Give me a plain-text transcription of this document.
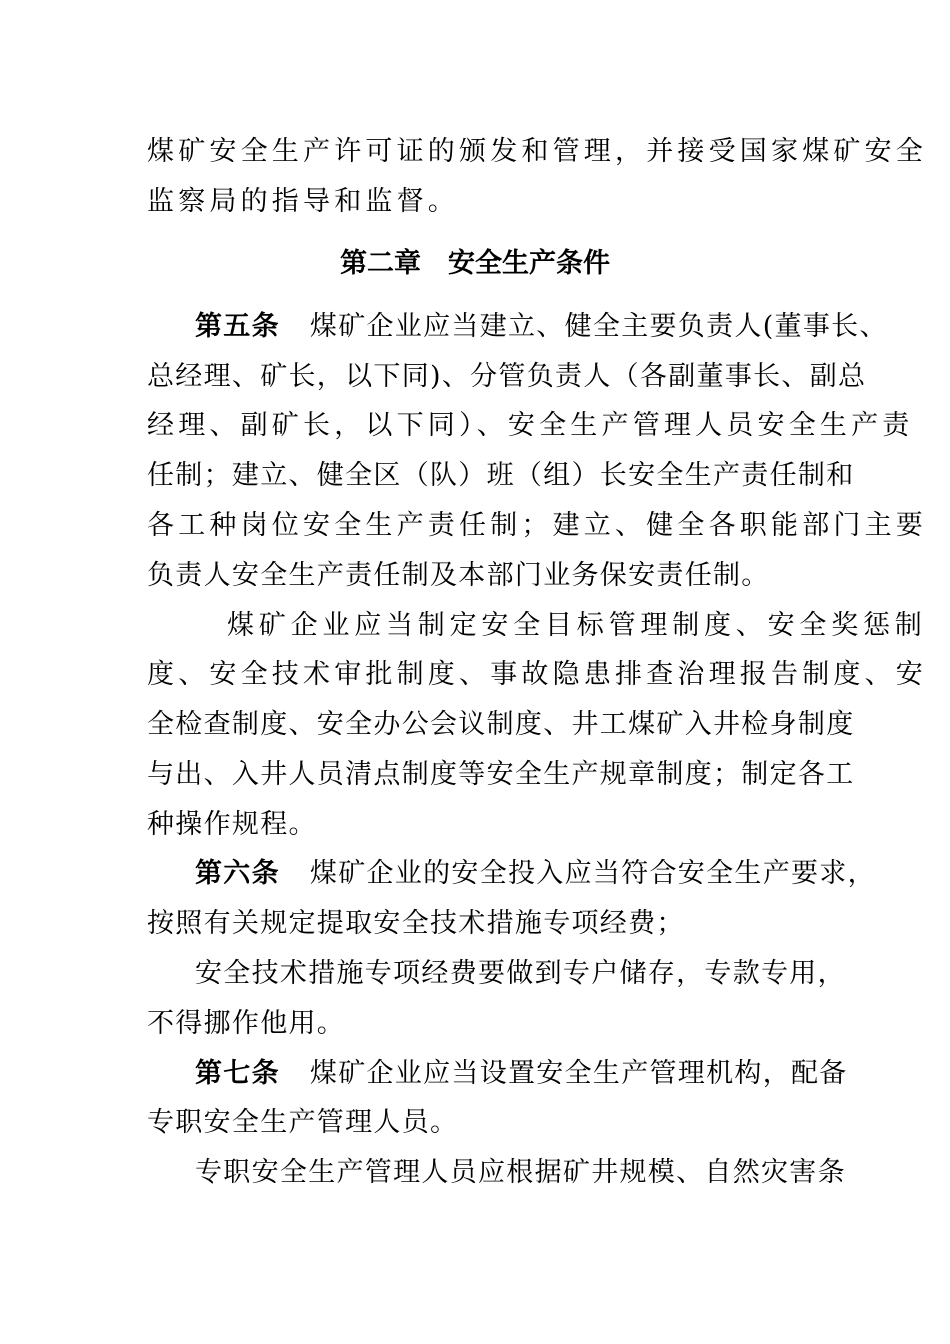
煤矿安全生产许可证的颁发和管理，并接受国家煤矿安全
监察局的指导和监督。
第二章　安全生产条件
第五条 煤矿企业应当建立、健全主要负责人(董事长、
总经理、矿长，以下同)、分管负责人（各副董事长、副总
经理、副矿长，以下同）、安全生产管理人员安全生产责
任制；建立、健全区（队）班（组）长安全生产责任制和
各工种岗位安全生产责任制；建立、健全各职能部门主要
负责人安全生产责任制及本部门业务保安责任制。
煤矿企业应当制定安全目标管理制度、安全奖惩制
度、安全技术审批制度、事故隐患排查治理报告制度、安
全检查制度、安全办公会议制度、井工煤矿入井检身制度
与出、入井人员清点制度等安全生产规章制度；制定各工
种操作规程。
第六条 煤矿企业的安全投入应当符合安全生产要求，
按照有关规定提取安全技术措施专项经费；
安全技术措施专项经费要做到专户储存，专款专用，
不得挪作他用。
第七条 煤矿企业应当设置安全生产管理机构，配备
专职安全生产管理人员。
专职安全生产管理人员应根据矿井规模、自然灾害条
